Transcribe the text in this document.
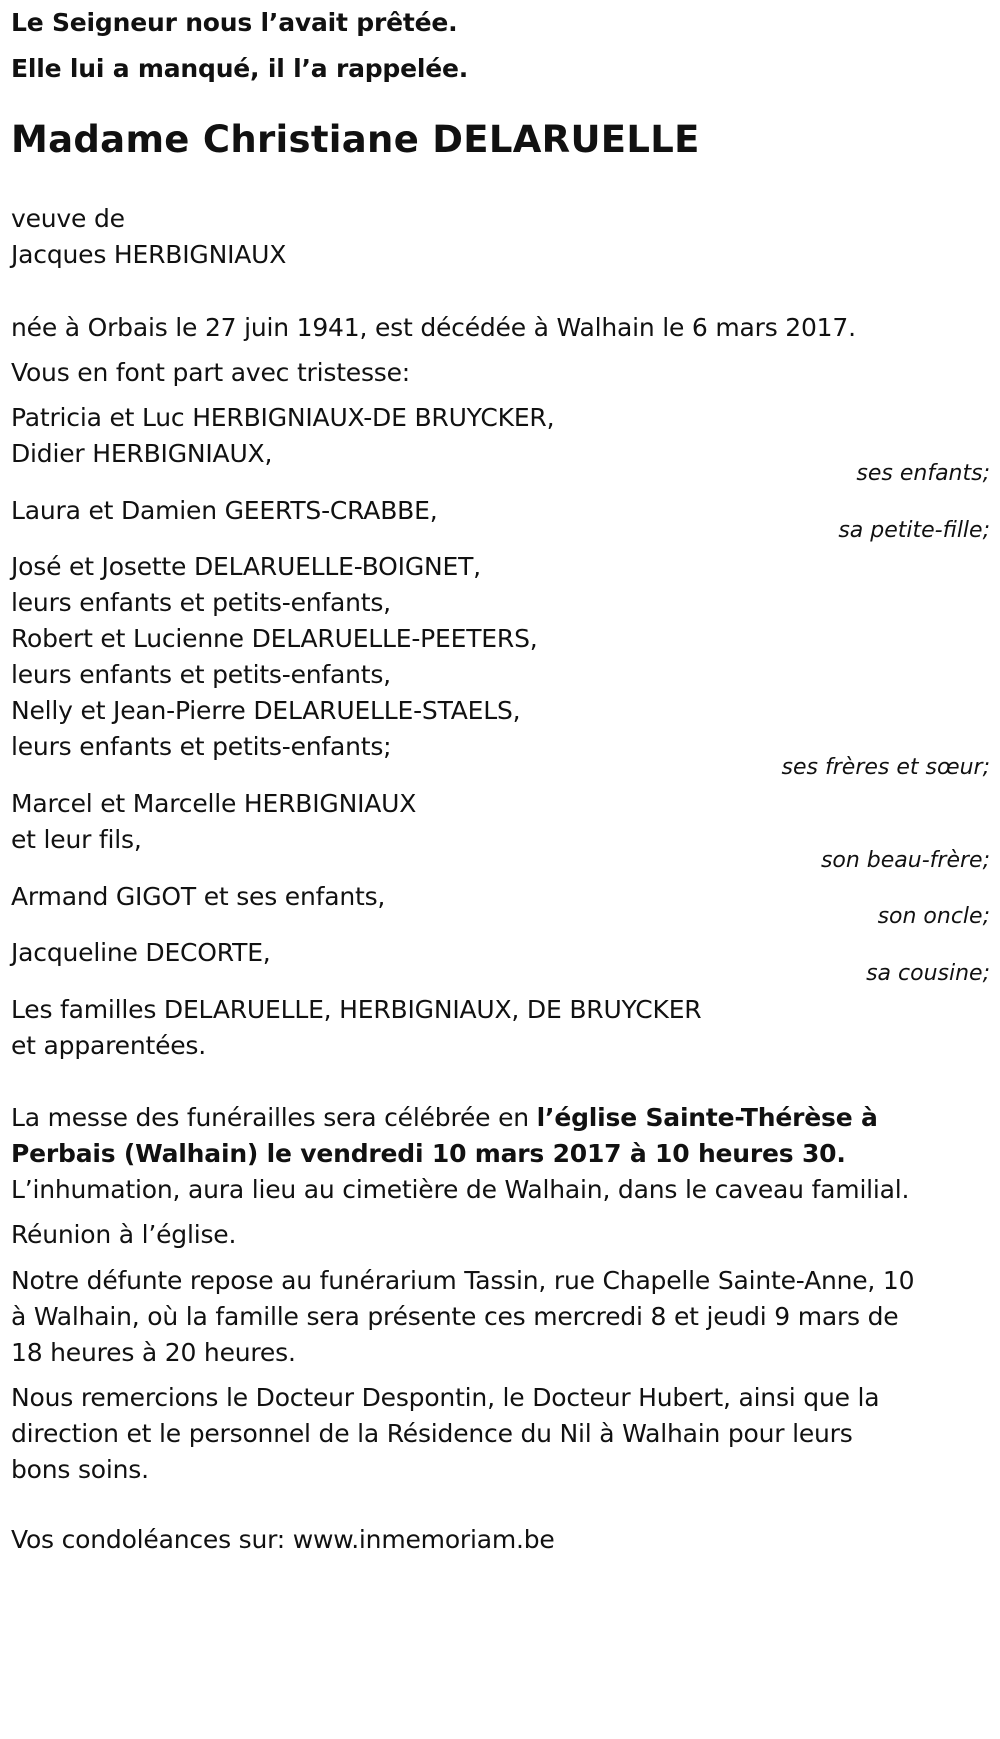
Le Seigneur nous l’avait prêtée.
Elle lui a manqué, il l’a rappelée.
Madame Christiane DELARUELLE
veuve de
Jacques HERBIGNIAUX
née à Orbais le 27 juin 1941, est décédée à Walhain le 6 mars 2017.
Vous en font part avec tristesse:
Patricia et Luc HERBIGNIAUX-DE BRUYCKER,
Didier HERBIGNIAUX,
ses enfants;
Laura et Damien GEERTS-CRABBE,
sa petite-fille;
José et Josette DELARUELLE-BOIGNET,
leurs enfants et petits-enfants,
Robert et Lucienne DELARUELLE-PEETERS,
leurs enfants et petits-enfants,
Nelly et Jean-Pierre DELARUELLE-STAELS,
leurs enfants et petits-enfants;
ses frères et sœur;
Marcel et Marcelle HERBIGNIAUX
et leur fils,
son beau-frère;
Armand GIGOT et ses enfants,
son oncle;
Jacqueline DECORTE,
sa cousine;
Les familles DELARUELLE, HERBIGNIAUX, DE BRUYCKER
et apparentées.
La messe des funérailles sera célébrée en l’église Sainte-Thérèse à
Perbais (Walhain) le vendredi 10 mars 2017 à 10 heures 30.
L’inhumation, aura lieu au cimetière de Walhain, dans le caveau familial.
Réunion à l’église.
Notre défunte repose au funérarium Tassin, rue Chapelle Sainte-Anne, 10
à Walhain, où la famille sera présente ces mercredi 8 et jeudi 9 mars de
18 heures à 20 heures.
Nous remercions le Docteur Despontin, le Docteur Hubert, ainsi que la
direction et le personnel de la Résidence du Nil à Walhain pour leurs
bons soins.
Vos condoléances sur: www.inmemoriam.be
